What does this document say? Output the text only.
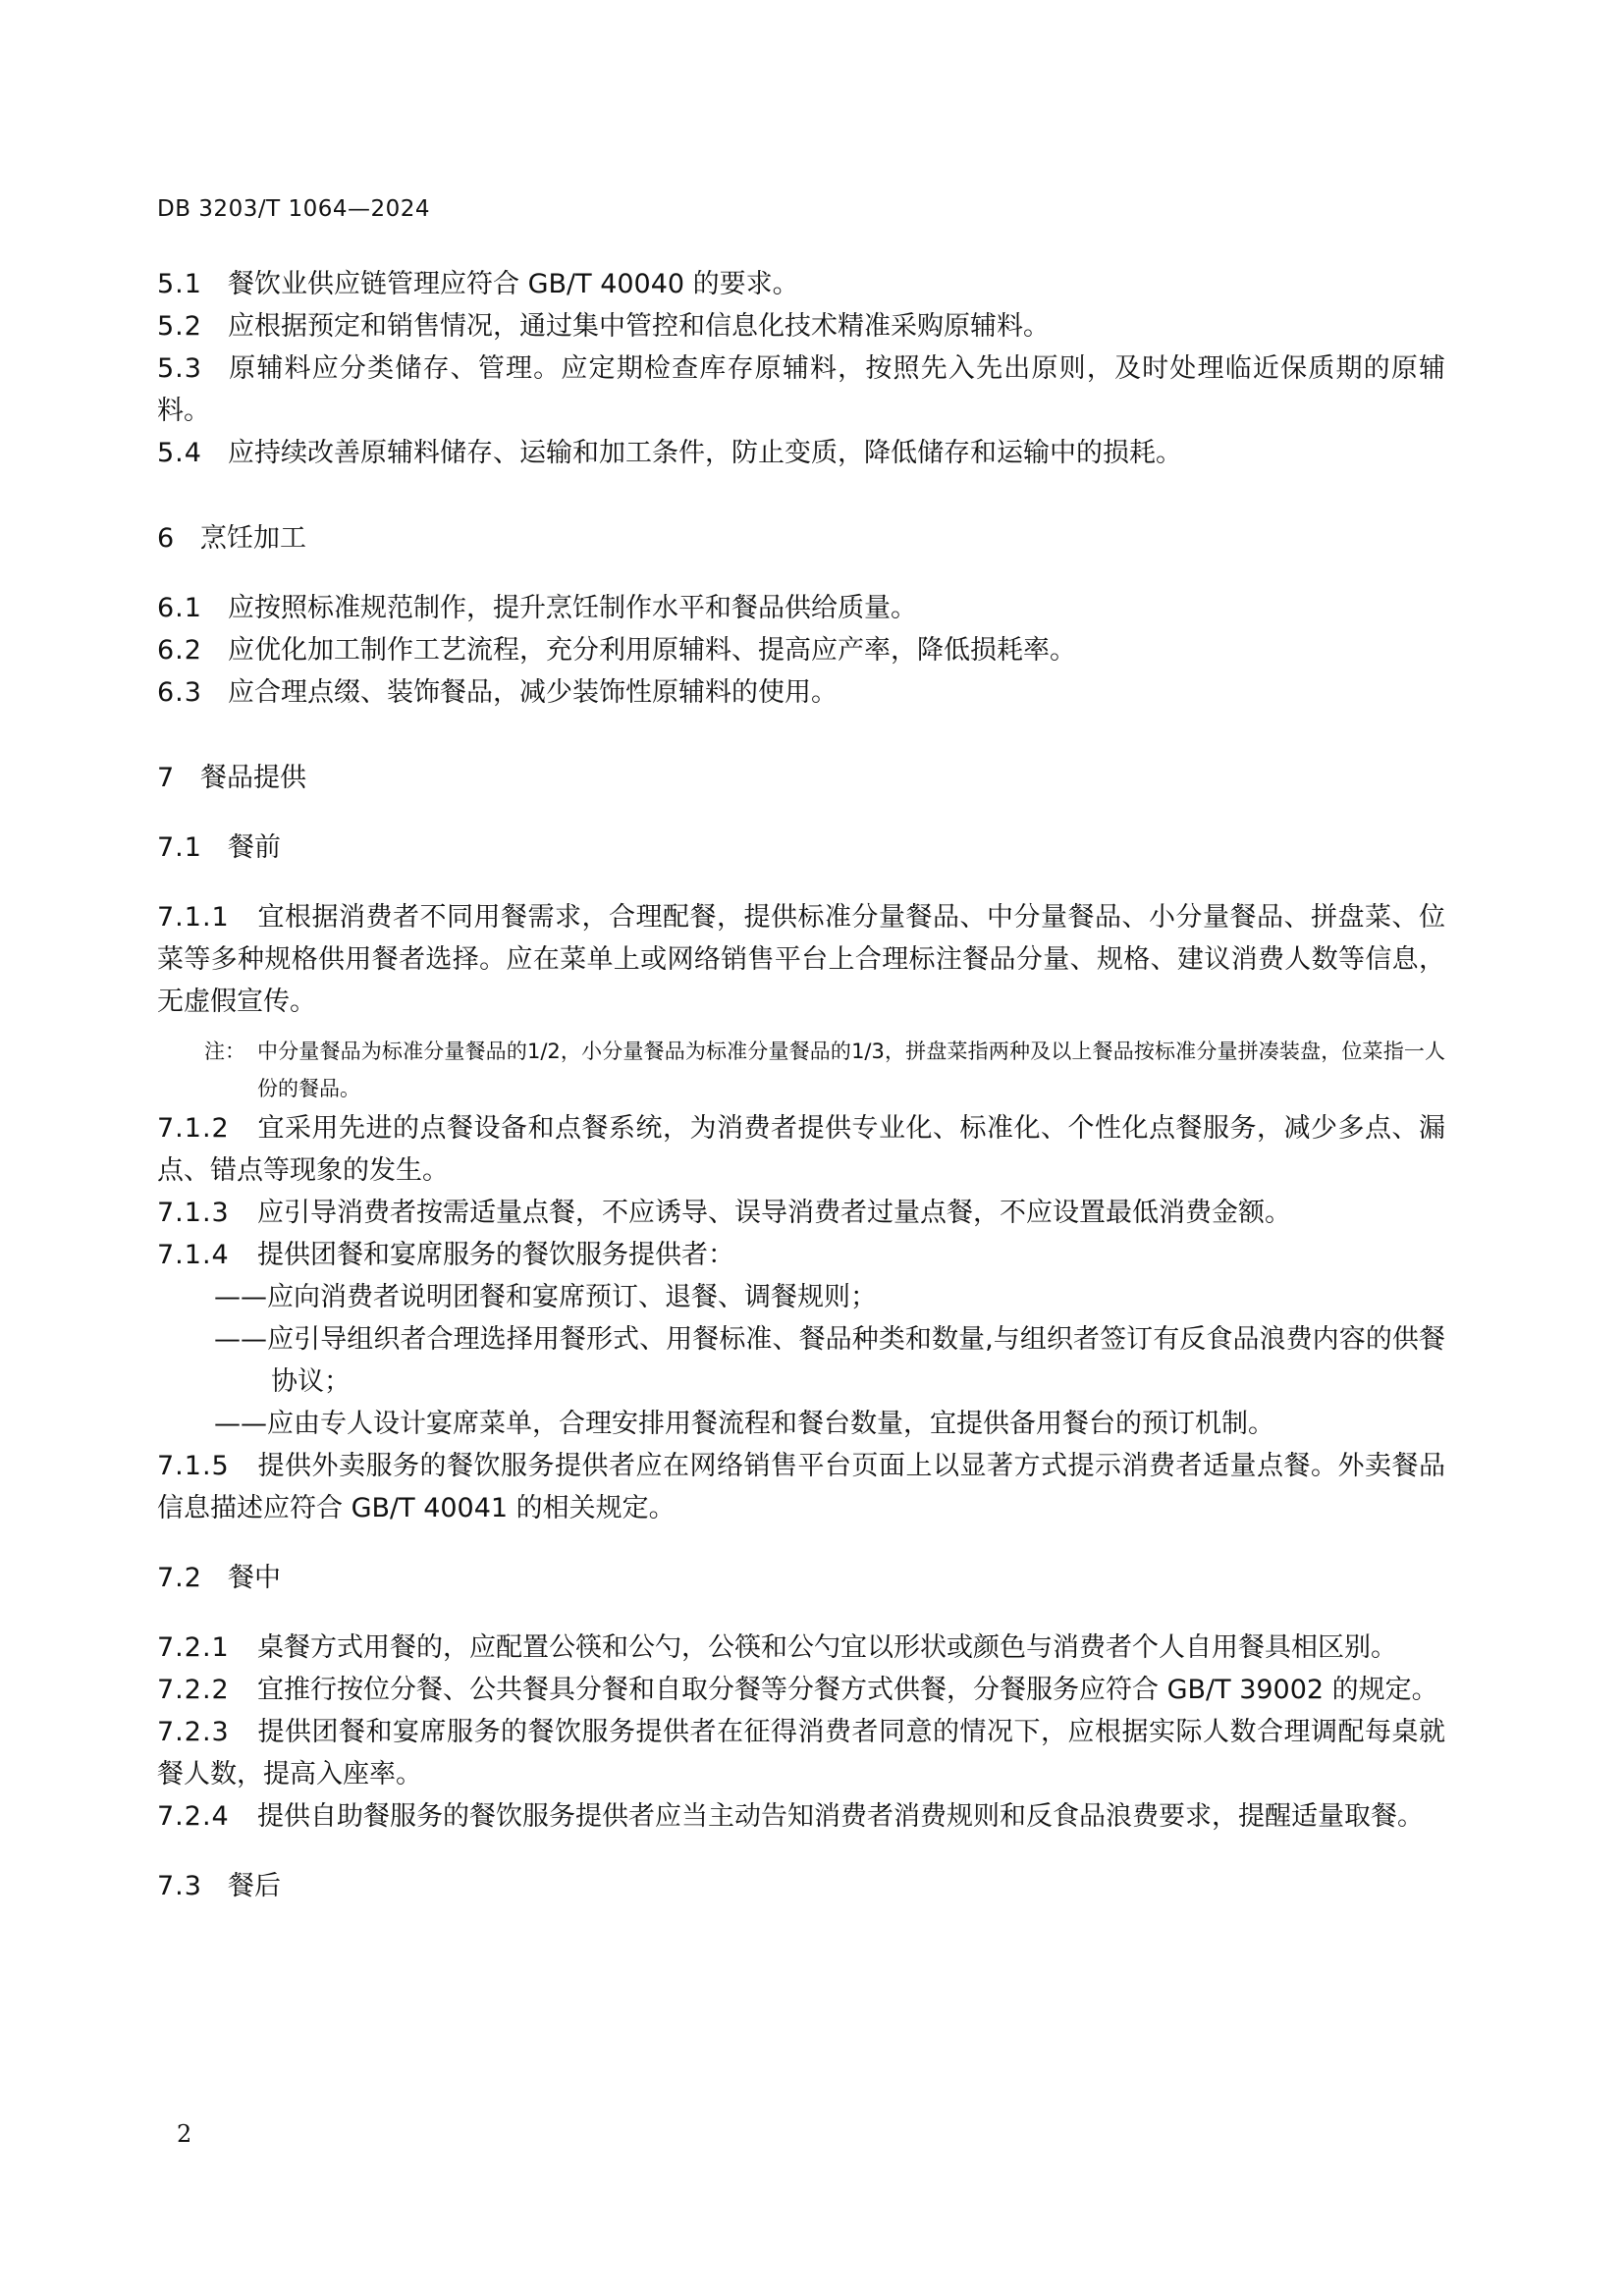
DB 3203/T 1064—2024

5.1 餐饮业供应链管理应符合 GB/T 40040 的要求。

5.2 应根据预定和销售情况，通过集中管控和信息化技术精准采购原辅料。

5.3 原辅料应分类储存、管理。应定期检查库存原辅料，按照先入先出原则，及时处理临近保质期的原辅料。

5.4 应持续改善原辅料储存、运输和加工条件，防止变质，降低储存和运输中的损耗。

6 烹饪加工

6.1 应按照标准规范制作，提升烹饪制作水平和餐品供给质量。

6.2 应优化加工制作工艺流程，充分利用原辅料、提高应产率，降低损耗率。

6.3 应合理点缀、装饰餐品，减少装饰性原辅料的使用。

7 餐品提供

7.1 餐前

7.1.1 宜根据消费者不同用餐需求，合理配餐，提供标准分量餐品、中分量餐品、小分量餐品、拼盘菜、位菜等多种规格供用餐者选择。应在菜单上或网络销售平台上合理标注餐品分量、规格、建议消费人数等信息，无虚假宣传。

注： 中分量餐品为标准分量餐品的1/2，小分量餐品为标准分量餐品的1/3，拼盘菜指两种及以上餐品按标准分量拼凑装盘，位菜指一人份的餐品。

7.1.2 宜采用先进的点餐设备和点餐系统，为消费者提供专业化、标准化、个性化点餐服务，减少多点、漏点、错点等现象的发生。

7.1.3 应引导消费者按需适量点餐，不应诱导、误导消费者过量点餐，不应设置最低消费金额。

7.1.4 提供团餐和宴席服务的餐饮服务提供者：

——应向消费者说明团餐和宴席预订、退餐、调餐规则；

——应引导组织者合理选择用餐形式、用餐标准、餐品种类和数量,与组织者签订有反食品浪费内容的供餐协议；

——应由专人设计宴席菜单，合理安排用餐流程和餐台数量，宜提供备用餐台的预订机制。

7.1.5 提供外卖服务的餐饮服务提供者应在网络销售平台页面上以显著方式提示消费者适量点餐。外卖餐品信息描述应符合 GB/T 40041 的相关规定。

7.2 餐中

7.2.1 桌餐方式用餐的，应配置公筷和公勺，公筷和公勺宜以形状或颜色与消费者个人自用餐具相区别。

7.2.2 宜推行按位分餐、公共餐具分餐和自取分餐等分餐方式供餐，分餐服务应符合 GB/T 39002 的规定。

7.2.3 提供团餐和宴席服务的餐饮服务提供者在征得消费者同意的情况下，应根据实际人数合理调配每桌就餐人数，提高入座率。

7.2.4 提供自助餐服务的餐饮服务提供者应当主动告知消费者消费规则和反食品浪费要求，提醒适量取餐。

7.3 餐后

2
